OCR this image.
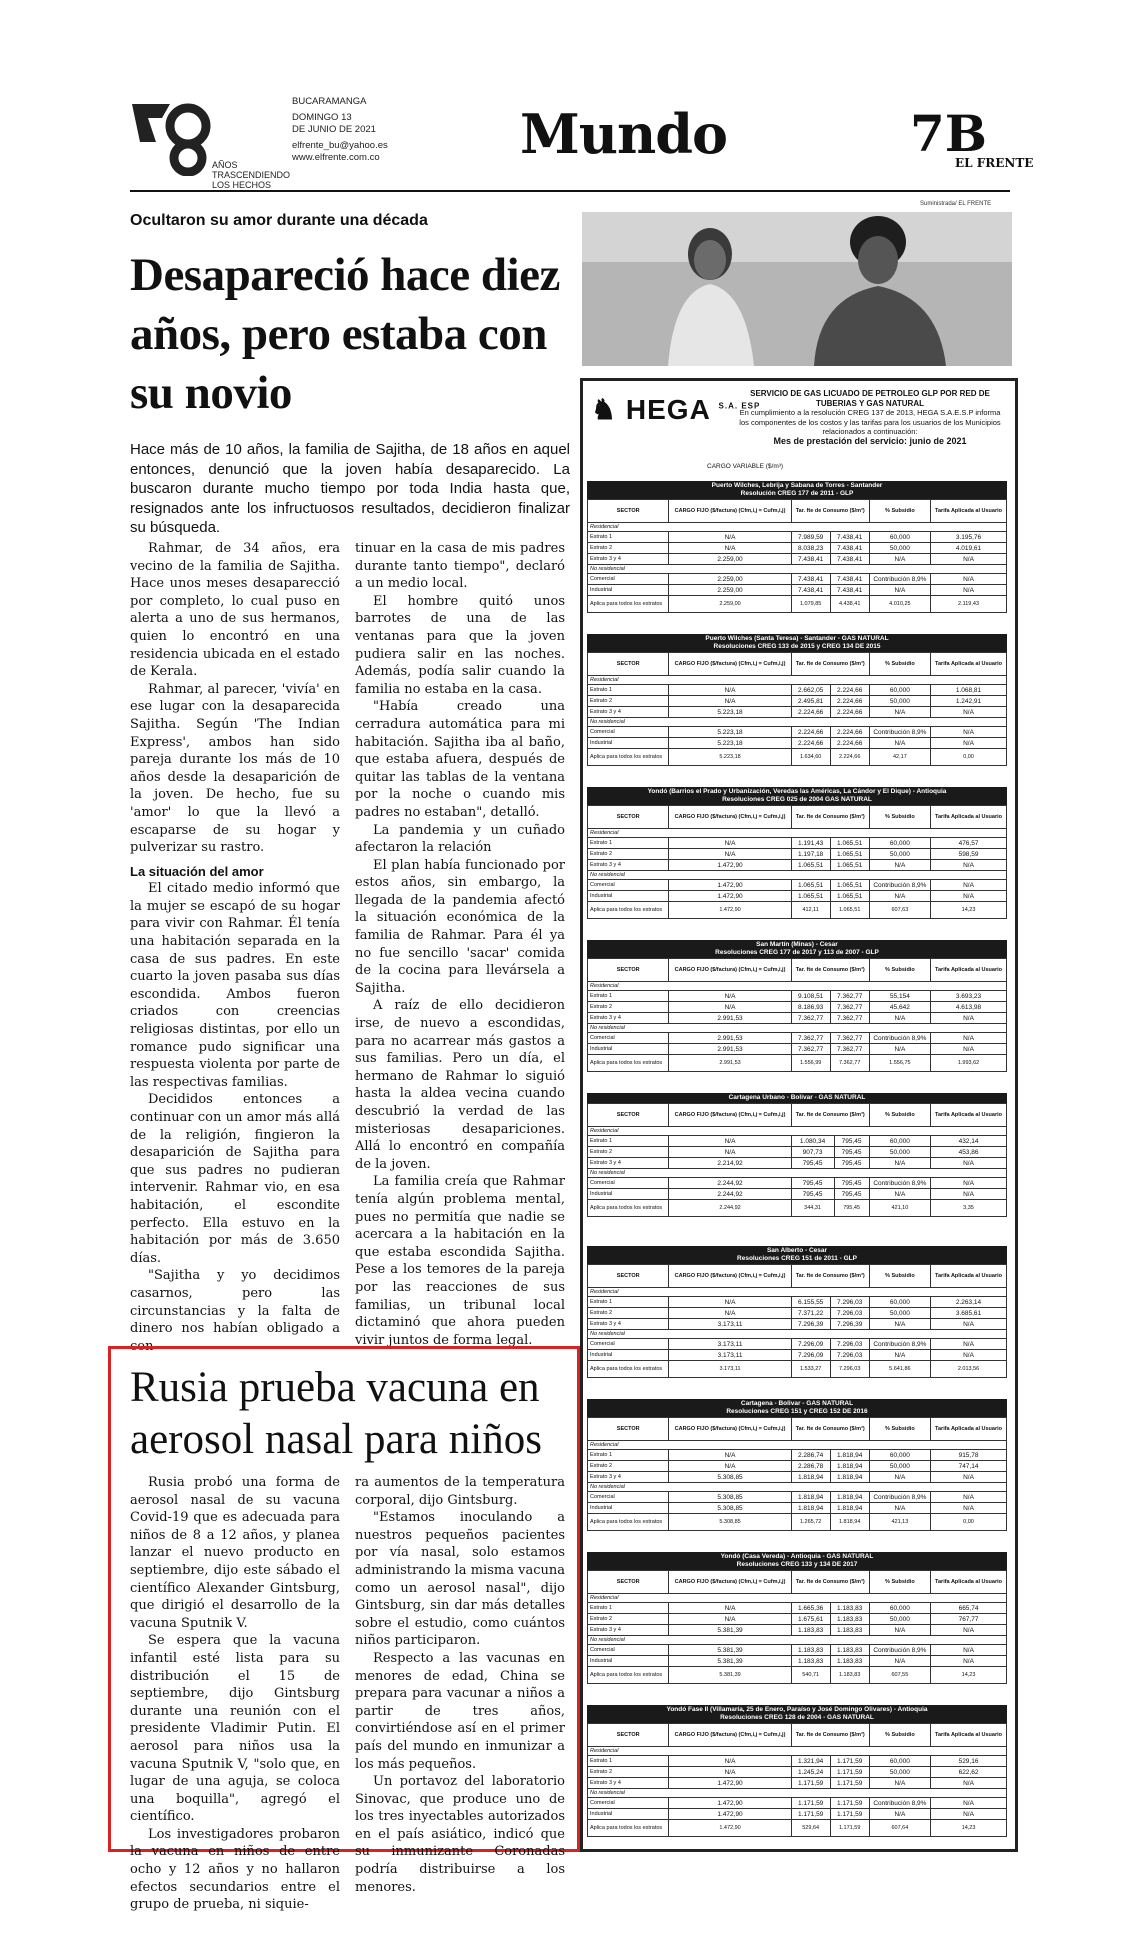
AÑOS
TRASCENDIENDO
LOS HECHOS
BUCARAMANGA
DOMINGO 13
DE JUNIO DE 2021
elfrente_bu@yahoo.es
www.elfrente.com.co	Mundo	7B
EL FRENTE
Ocultaron su amor durante una década
Desapareció hace diez años, pero estaba con su novio
Hace más de 10 años, la familia de Sajitha, de 18 años en aquel entonces, denunció que la joven había desaparecido. La buscaron durante mucho tiempo por toda India hasta que, resignados ante los infructuosos resultados, decidieron finalizar su búsqueda.

Rahmar, de 34 años, era vecino de la familia de Sajitha. Hace unos meses desaparecció por completo, lo cual puso en alerta a uno de sus hermanos, quien lo encontró en una residencia ubicada en el estado de Kerala.

Rahmar, al parecer, 'vivía' en ese lugar con la desaparecida Sajitha. Según 'The Indian Express', ambos han sido pareja durante los más de 10 años desde la desaparición de la joven. De hecho, fue su 'amor' lo que la llevó a escaparse de su hogar y pulverizar su rastro.

La situación del amor

El citado medio informó que la mujer se escapó de su hogar para vivir con Rahmar. Él tenía una habitación separada en la casa de sus padres. En este cuarto la joven pasaba sus días escondida. Ambos fueron criados con creencias religiosas distintas, por ello un romance pudo significar una respuesta violenta por parte de las respectivas familias.

Decididos entonces a continuar con un amor más allá de la religión, fingieron la desaparición de Sajitha para que sus padres no pudieran intervenir. Rahmar vio, en esa habitación, el escondite perfecto. Ella estuvo en la habitación por más de 3.650 días.

"Sajitha y yo decidimos casarnos, pero las circunstancias y la falta de dinero nos habían obligado a con-

tinuar en la casa de mis padres durante tanto tiempo", declaró a un medio local.

El hombre quitó unos barrotes de una de las ventanas para que la joven pudiera salir en las noches. Además, podía salir cuando la familia no estaba en la casa.

"Había creado una cerradura automática para mi habitación. Sajitha iba al baño, que estaba afuera, después de quitar las tablas de la ventana por la noche o cuando mis padres no estaban", detalló.

La pandemia y un cuñado afectaron la relación

El plan había funcionado por estos años, sin embargo, la llegada de la pandemia afectó la situación económica de la familia de Rahmar. Para él ya no fue sencillo 'sacar' comida de la cocina para llevársela a Sajitha.

A raíz de ello decidieron irse, de nuevo a escondidas, para no acarrear más gastos a sus familias. Pero un día, el hermano de Rahmar lo siguió hasta la aldea vecina cuando descubrió la verdad de las misteriosas desapariciones. Allá lo encontró en compañía de la joven.

La familia creía que Rahmar tenía algún problema mental, pues no permitía que nadie se acercara a la habitación en la que estaba escondida Sajitha. Pese a los temores de la pareja por las reacciones de sus familias, un tribunal local dictaminó que ahora pueden vivir juntos de forma legal.

Suministrada/ EL FRENTE
Rusia prueba vacuna en aerosol nasal para niños

Rusia probó una forma de aerosol nasal de su vacuna Covid-19 que es adecuada para niños de 8 a 12 años, y planea lanzar el nuevo producto en septiembre, dijo este sábado el científico Alexander Gintsburg, que dirigió el desarrollo de la vacuna Sputnik V.

Se espera que la vacuna infantil esté lista para su distribución el 15 de septiembre, dijo Gintsburg durante una reunión con el presidente Vladimir Putin. El aerosol para niños usa la vacuna Sputnik V, "solo que, en lugar de una aguja, se coloca una boquilla", agregó el científico.

Los investigadores probaron la vacuna en niños de entre ocho y 12 años y no hallaron efectos secundarios entre el grupo de prueba, ni siquie-

ra aumentos de la temperatura corporal, dijo Gintsburg.

"Estamos inoculando a nuestros pequeños pacientes por vía nasal, solo estamos administrando la misma vacuna como un aerosol nasal", dijo Gintsburg, sin dar más detalles sobre el estudio, como cuántos niños participaron.

Respecto a las vacunas en menores de edad, China se prepara para vacunar a niños a partir de tres años, convirtiéndose así en el primer país del mundo en inmunizar a los más pequeños.

Un portavoz del laboratorio Sinovac, que produce uno de los tres inyectables autorizados en el país asiático, indicó que su inmunizante Coronadas podría distribuirse a los menores.

♞ HEGA $^{S.A. ESP}$
SERVICIO DE GAS LICUADO DE PETROLEO GLP POR RED DE TUBERIAS Y GAS NATURAL
En cumplimiento a la resolución CREG 137 de 2013, HEGA S.A.E.S.P informa los componentes de los costos y las tarifas para los usuarios de los Municipios relacionados a continuación:
Mes de prestación del servicio: junio de 2021
CARGO VARIABLE ($/m³)
Puerto Wilches, Lebrija y Sabana de Torres - Santander
Resolución CREG 177 de 2011 - GLP
SECTOR	CARGO FIJO ($/factura) (Cfm,i,j = Cufm,i,j)	Tar. fte de Consumo ($/m³)		% Subsidio	Tarifa Aplicada al Usuario
Residencial					
Estrato 1	N/A	7.989,59	7.438,41	60,000	3.195,76
Estrato 2	N/A	8.038,23	7.438,41	50,000	4.019,61
Estrato 3 y 4	2.259,00	7.438,41	7.438,41	N/A	N/A
No residencial					
Comercial	2.259,00	7.438,41	7.438,41	Contribución 8,9%	N/A
Industrial	2.259,00	7.438,41	7.438,41	N/A	N/A
Aplica para todos los estratos	2.259,00	1.079,85	4.438,41	4.010,25	2.119,43
Puerto Wilches (Santa Teresa) - Santander - GAS NATURAL
Resoluciones CREG 133 de 2015 y CREG 134 DE 2015
SECTOR	CARGO FIJO ($/factura) (Cfm,i,j = Cufm,i,j)	Tar. fte de Consumo ($/m³)		% Subsidio	Tarifa Aplicada al Usuario
Residencial					
Estrato 1	N/A	2.662,05	2.224,66	60,000	1.068,81
Estrato 2	N/A	2.495,81	2.224,66	50,000	1.242,91
Estrato 3 y 4	5.223,18	2.224,66	2.224,66	N/A	N/A
No residencial					
Comercial	5.223,18	2.224,66	2.224,66	Contribución 8,9%	N/A
Industrial	5.223,18	2.224,66	2.224,66	N/A	N/A
Aplica para todos los estratos	5.223,18	1.634,60	2.224,66	42,17	0,00
Yondó (Barrios el Prado y Urbanización, Veredas las Américas, La Cándor y El Dique) - Antioquia
Resoluciones CREG 025 de 2004 GAS NATURAL
SECTOR	CARGO FIJO ($/factura) (Cfm,i,j = Cufm,i,j)	Tar. fte de Consumo ($/m³)		% Subsidio	Tarifa Aplicada al Usuario
Residencial					
Estrato 1	N/A	1.191,43	1.065,51	60,000	476,57
Estrato 2	N/A	1.197,18	1.065,51	50,000	598,59
Estrato 3 y 4	1.472,90	1.065,51	1.065,51	N/A	N/A
No residencial					
Comercial	1.472,90	1.065,51	1.065,51	Contribución 8,9%	N/A
Industrial	1.472,90	1.065,51	1.065,51	N/A	N/A
Aplica para todos los estratos	1.472,90	412,11	1.065,51	607,63	14,23
San Martín (Minas) - Cesar
Resoluciones CREG 177 de 2017 y 113 de 2007 - GLP
SECTOR	CARGO FIJO ($/factura) (Cfm,i,j = Cufm,i,j)	Tar. fte de Consumo ($/m³)		% Subsidio	Tarifa Aplicada al Usuario
Residencial					
Estrato 1	N/A	9.108,51	7.362,77	55,154	3.693,23
Estrato 2	N/A	8.186,93	7.362,77	45,642	4.613,98
Estrato 3 y 4	2.991,53	7.362,77	7.362,77	N/A	N/A
No residencial					
Comercial	2.991,53	7.362,77	7.362,77	Contribución 8,9%	N/A
Industrial	2.991,53	7.362,77	7.362,77	N/A	N/A
Aplica para todos los estratos	2.991,53	1.556,99	7.362,77	1.556,75	1.993,62
Cartagena Urbano - Bolivar - GAS NATURAL
SECTOR	CARGO FIJO ($/factura) (Cfm,i,j = Cufm,i,j)	Tar. fte de Consumo ($/m³)		% Subsidio	Tarifa Aplicada al Usuario
Residencial					
Estrato 1	N/A	1.080,34	795,45	60,000	432,14
Estrato 2	N/A	907,73	795,45	50,000	453,86
Estrato 3 y 4	2.214,92	795,45	795,45	N/A	N/A
No residencial					
Comercial	2.244,92	795,45	795,45	Contribución 8,9%	N/A
Industrial	2.244,92	795,45	795,45	N/A	N/A
Aplica para todos los estratos	2.244,92	344,31	795,45	421,10	3,35
San Alberto - Cesar
Resoluciones CREG 151 de 2011 - GLP
SECTOR	CARGO FIJO ($/factura) (Cfm,i,j = Cufm,i,j)	Tar. fte de Consumo ($/m³)		% Subsidio	Tarifa Aplicada al Usuario
Residencial					
Estrato 1	N/A	6.155,55	7.296,03	60,000	2.263,14
Estrato 2	N/A	7.371,22	7.296,03	50,000	3.685,61
Estrato 3 y 4	3.173,11	7.296,39	7.296,39	N/A	N/A
No residencial					
Comercial	3.173,11	7.296,09	7.296,03	Contribución 8,9%	N/A
Industrial	3.173,11	7.296,09	7.296,03	N/A	N/A
Aplica para todos los estratos	3.173,11	1.533,27	7.296,03	5.641,86	2.013,56
Cartagena - Bolivar - GAS NATURAL
Resoluciones CREG 151 y CREG 152 DE 2016
SECTOR	CARGO FIJO ($/factura) (Cfm,i,j = Cufm,i,j)	Tar. fte de Consumo ($/m³)		% Subsidio	Tarifa Aplicada al Usuario
Residencial					
Estrato 1	N/A	2.286,74	1.818,94	60,000	915,78
Estrato 2	N/A	2.286,78	1.818,94	50,000	747,14
Estrato 3 y 4	5.308,85	1.818,94	1.818,94	N/A	N/A
No residencial					
Comercial	5.308,85	1.818,94	1.818,94	Contribución 8,9%	N/A
Industrial	5.308,85	1.818,94	1.818,94	N/A	N/A
Aplica para todos los estratos	5.308,85	1.265,72	1.818,94	421,13	0,00
Yondó (Casa Vereda) - Antioquia - GAS NATURAL
Resoluciones CREG 133 y 134 DE 2017
SECTOR	CARGO FIJO ($/factura) (Cfm,i,j = Cufm,i,j)	Tar. fte de Consumo ($/m³)		% Subsidio	Tarifa Aplicada al Usuario
Residencial					
Estrato 1	N/A	1.665,36	1.183,83	60,000	665,74
Estrato 2	N/A	1.675,61	1.183,83	50,000	767,77
Estrato 3 y 4	5.381,39	1.183,83	1.183,83	N/A	N/A
No residencial					
Comercial	5.381,39	1.183,83	1.183,83	Contribución 8,9%	N/A
Industrial	5.381,39	1.183,83	1.183,83	N/A	N/A
Aplica para todos los estratos	5.381,39	540,71	1.183,83	607,55	14,23
Yondó Fase II (Villamaría, 25 de Enero, Paraíso y José Domingo Olivares) - Antioquia
Resoluciones CREG 128 de 2004 - GAS NATURAL
SECTOR	CARGO FIJO ($/factura) (Cfm,i,j = Cufm,i,j)	Tar. fte de Consumo ($/m³)		% Subsidio	Tarifa Aplicada al Usuario
Residencial					
Estrato 1	N/A	1.321,94	1.171,59	60,000	529,16
Estrato 2	N/A	1.245,24	1.171,59	50,000	622,62
Estrato 3 y 4	1.472,90	1.171,59	1.171,59	N/A	N/A
No residencial					
Comercial	1.472,90	1.171,59	1.171,59	Contribución 8,9%	N/A
Industrial	1.472,90	1.171,59	1.171,59	N/A	N/A
Aplica para todos los estratos	1.472,90	529,64	1.171,59	607,64	14,23
